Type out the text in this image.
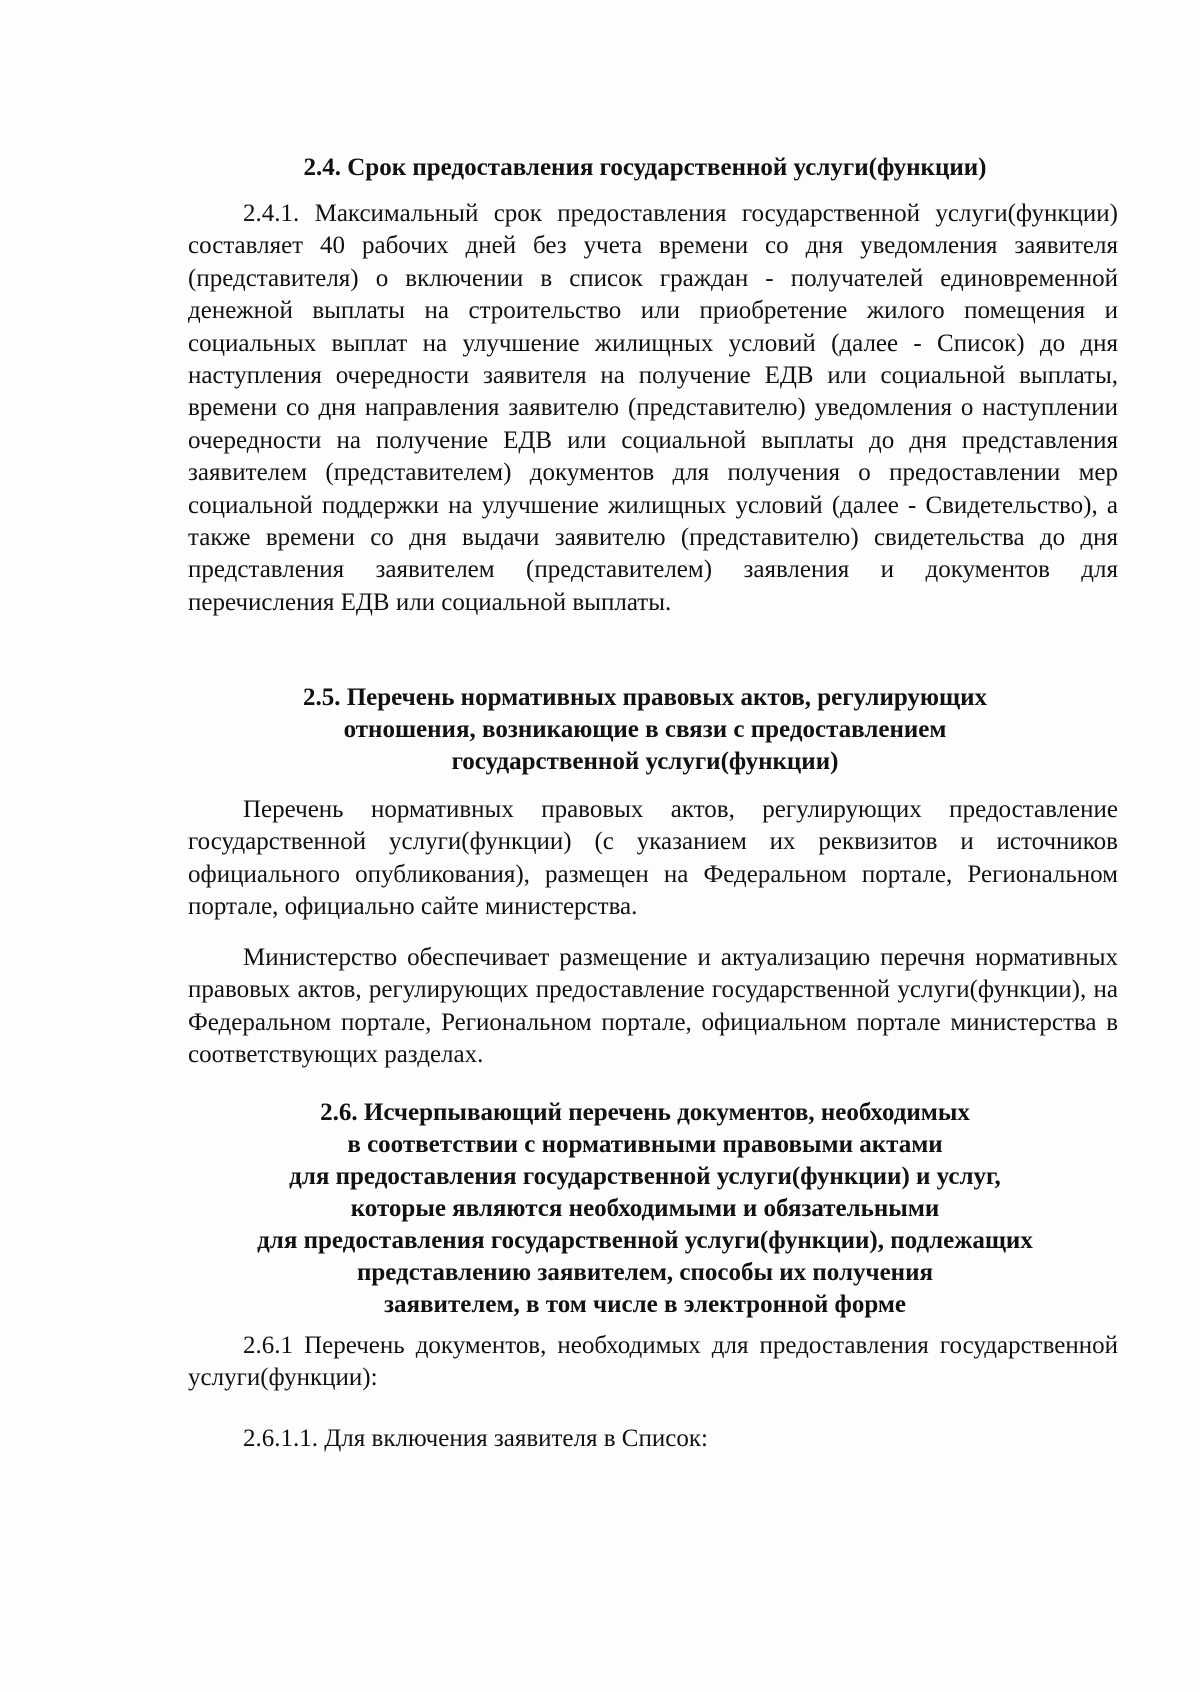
2.4. Срок предоставления государственной услуги(функции)

2.4.1. Максимальный срок предоставления государственной услуги(функции) составляет 40 рабочих дней без учета времени со дня уведомления заявителя (представителя) о включении в список граждан - получателей единовременной денежной выплаты на строительство или приобретение жилого помещения и социальных выплат на улучшение жилищных условий (далее - Список) до дня наступления очередности заявителя на получение ЕДВ или социальной выплаты, времени со дня направления заявителю (представителю) уведомления о наступлении очередности на получение ЕДВ или социальной выплаты до дня представления заявителем (представителем) документов для получения о предоставлении мер социальной поддержки на улучшение жилищных условий (далее - Свидетельство), а также времени со дня выдачи заявителю (представителю) свидетельства до дня представления заявителем (представителем) заявления и документов для перечисления ЕДВ или социальной выплаты.

2.5. Перечень нормативных правовых актов, регулирующих
отношения, возникающие в связи с предоставлением
государственной услуги(функции)

Перечень нормативных правовых актов, регулирующих предоставление государственной услуги(функции) (с указанием их реквизитов и источников официального опубликования), размещен на Федеральном портале, Региональном портале, официально сайте министерства.

Министерство обеспечивает размещение и актуализацию перечня нормативных правовых актов, регулирующих предоставление государственной услуги(функции), на Федеральном портале, Региональном портале, официальном портале министерства в соответствующих разделах.

2.6. Исчерпывающий перечень документов, необходимых
в соответствии с нормативными правовыми актами
для предоставления государственной услуги(функции) и услуг,
которые являются необходимыми и обязательными
для предоставления государственной услуги(функции), подлежащих
представлению заявителем, способы их получения
заявителем, в том числе в электронной форме

2.6.1 Перечень документов, необходимых для предоставления государственной услуги(функции):

2.6.1.1. Для включения заявителя в Список:
